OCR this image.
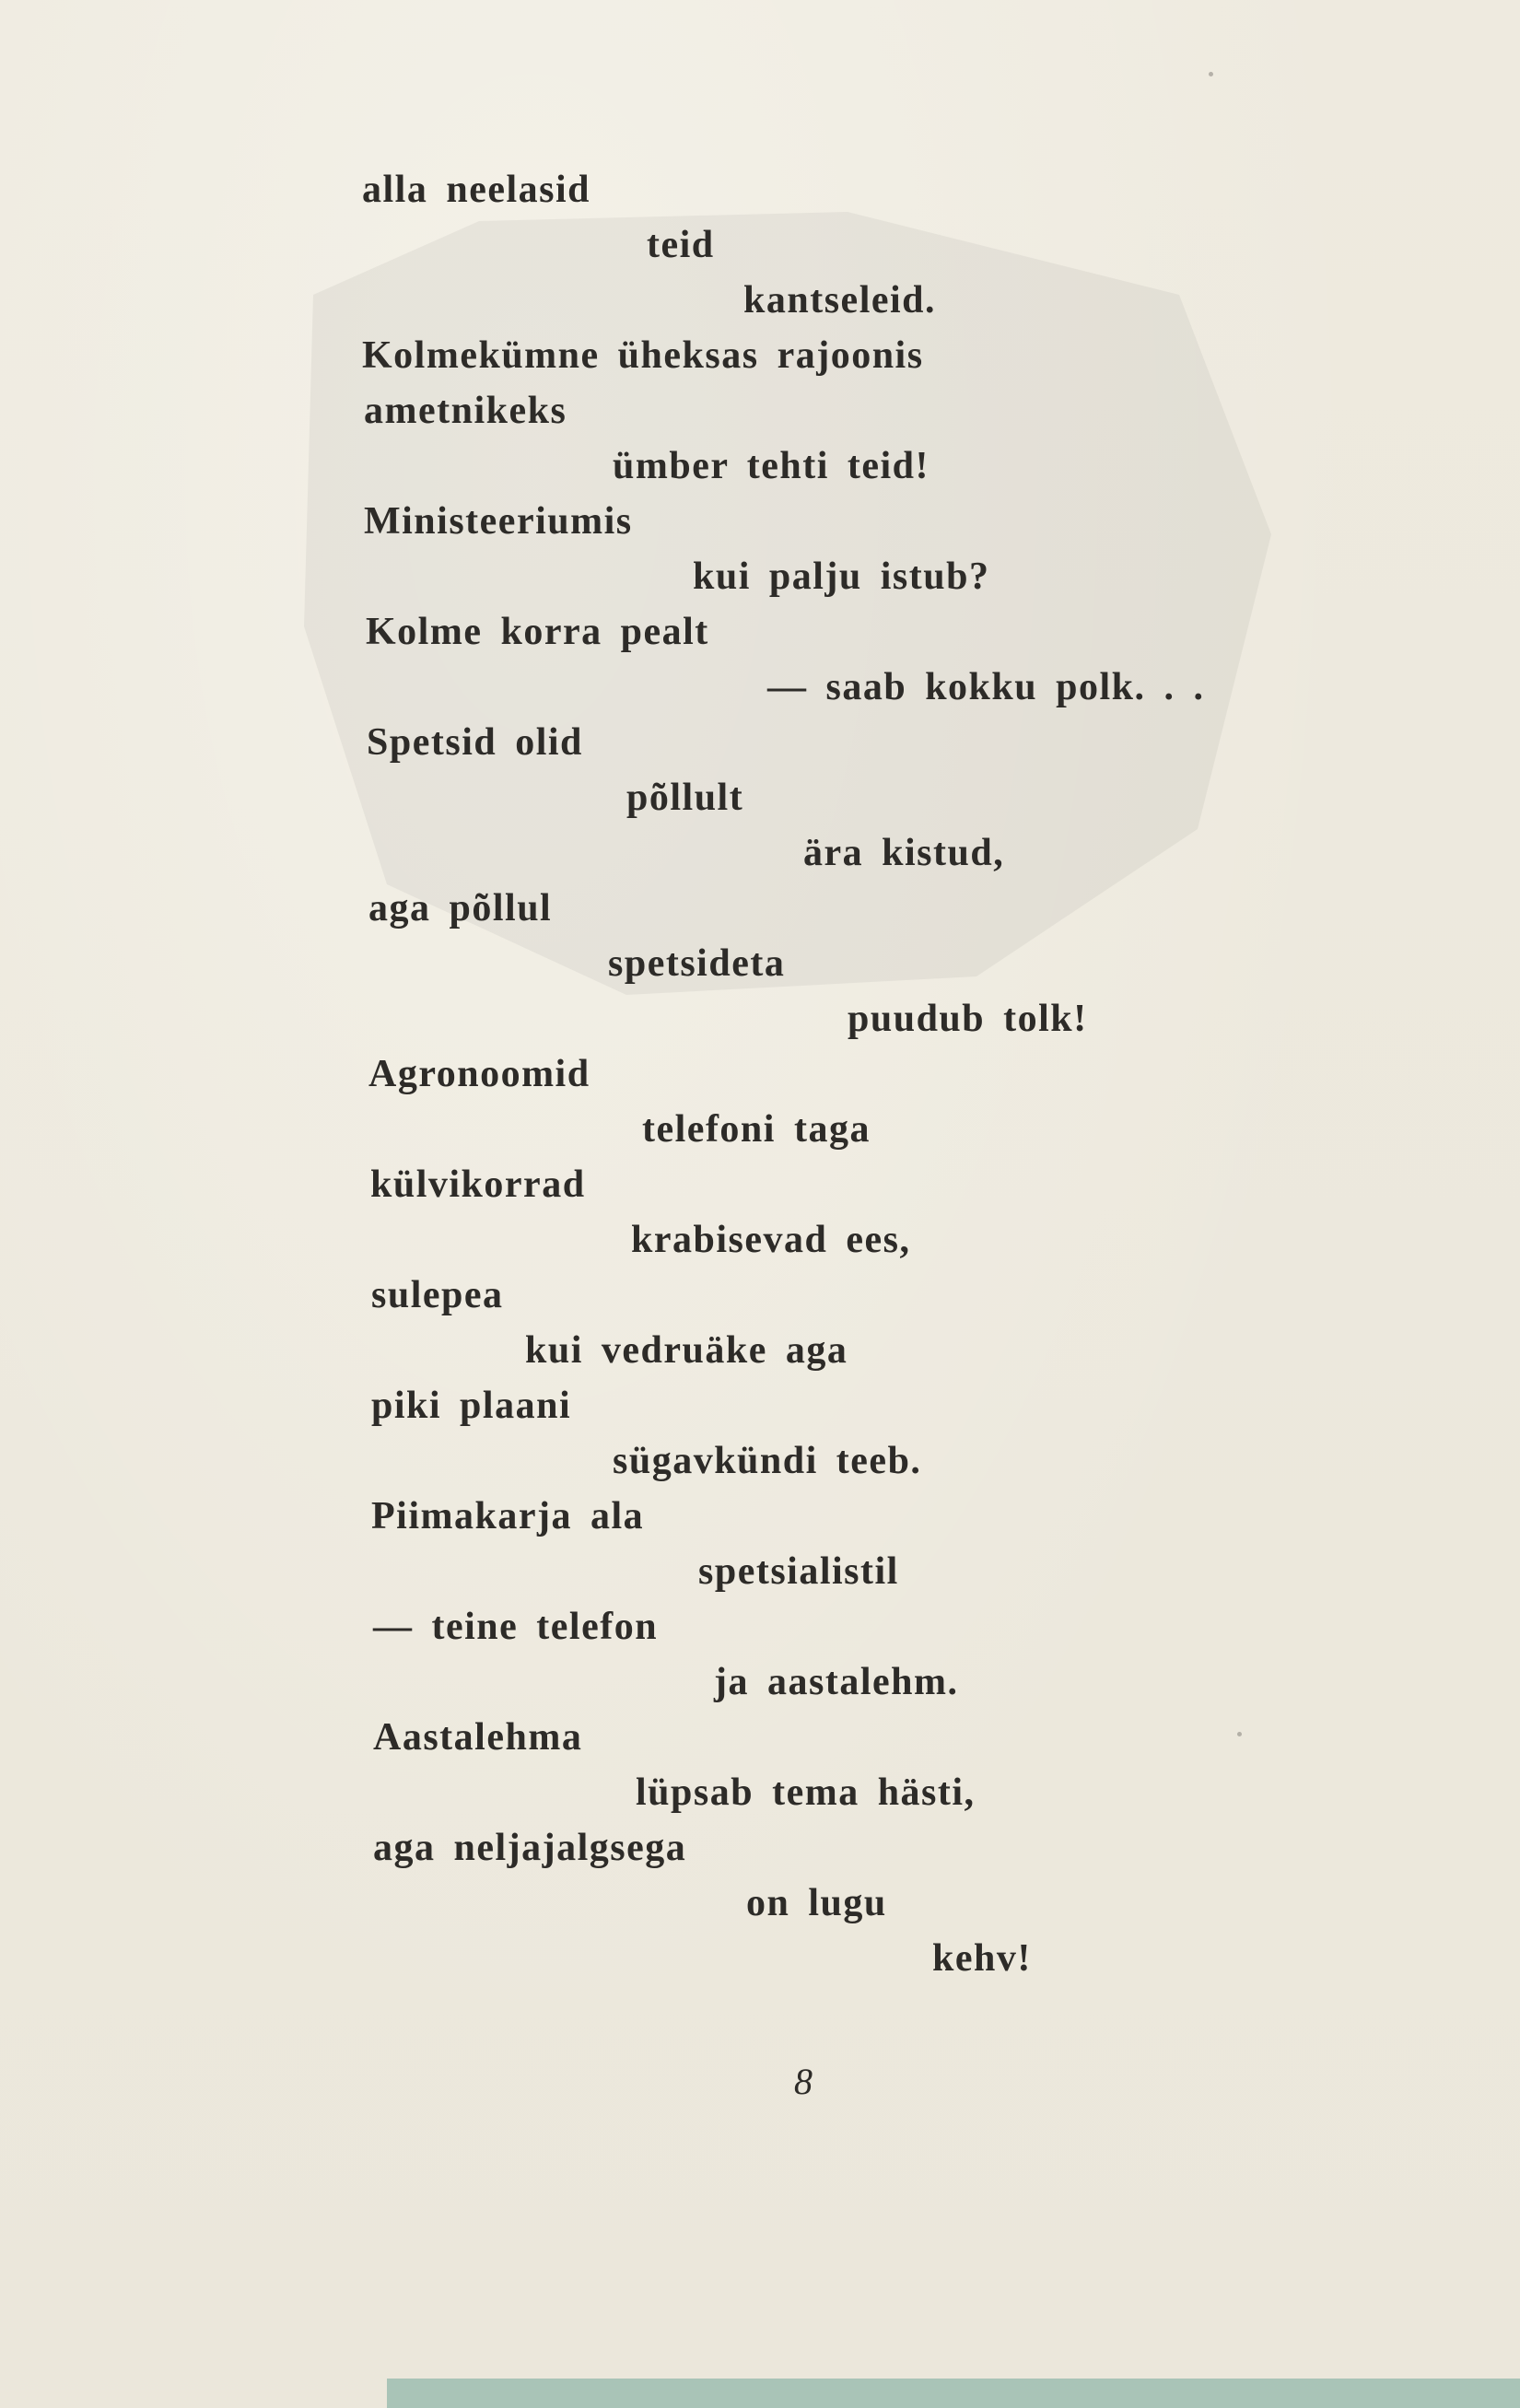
alla neelasid
teid
kantseleid.
Kolmekümne üheksas rajoonis
ametnikeks
ümber tehti teid!
Ministeeriumis
kui palju istub?
Kolme korra pealt
— saab kokku polk. . .
Spetsid olid
põllult
ära kistud,
aga põllul
spetsideta
puudub tolk!
Agronoomid
telefoni taga
külvikorrad
krabisevad ees,
sulepea
kui vedruäke aga
piki plaani
sügavkündi teeb.
Piimakarja ala
spetsialistil
— teine telefon
ja aastalehm.
Aastalehma
lüpsab tema hästi,
aga neljajalgsega
on lugu
kehv!
8
